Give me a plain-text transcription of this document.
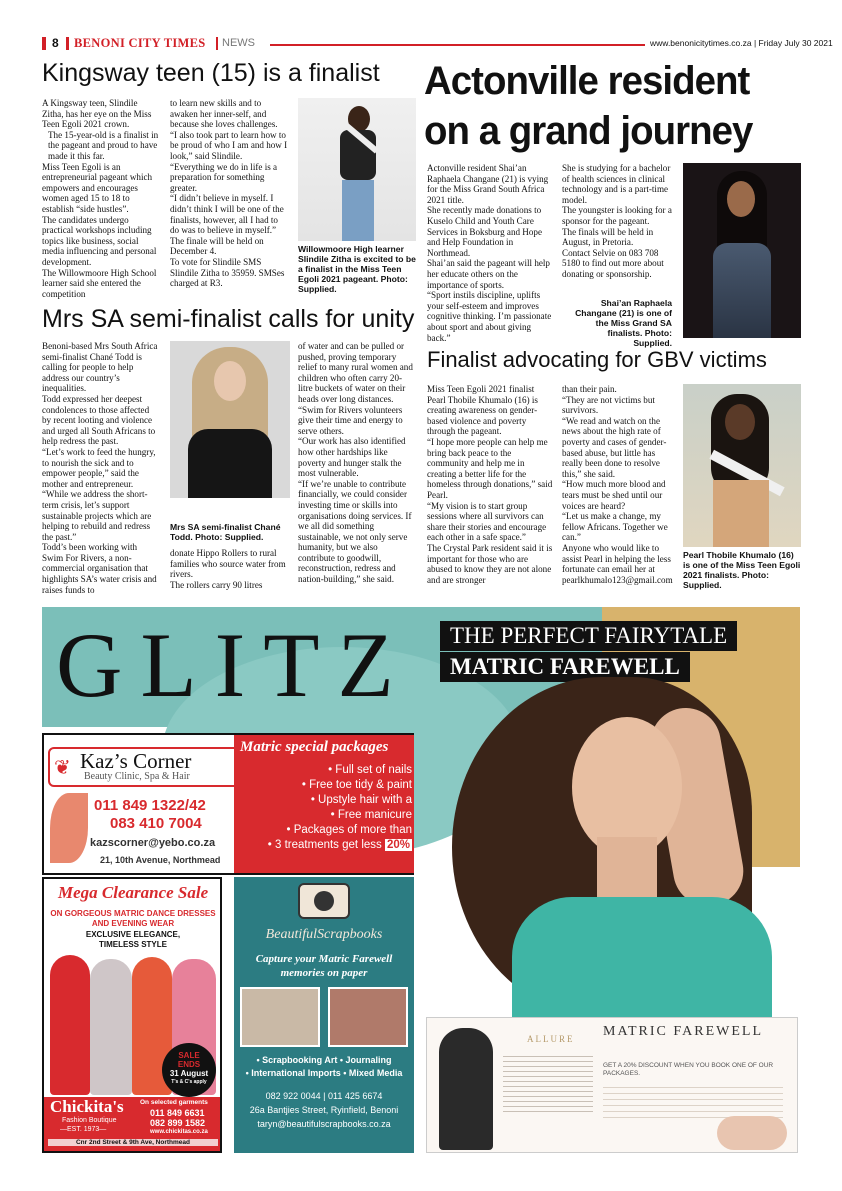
8 BENONI CITY TIMES NEWS	www.benonicitytimes.co.za | Friday July 30 2021
Kingsway teen (15) is a finalist

A Kingsway teen, Slindile Zitha, has her eye on the Miss Teen Egoli 2021 crown.

The 15-year-old is a finalist in the pageant and proud to have made it this far.

Miss Teen Egoli is an entrepreneurial pageant which empowers and encourages women aged 15 to 18 to establish “side hustles”.

The candidates undergo practical workshops including topics like business, social media influencing and personal development.

The Willowmoore High School learner said she entered the competition

to learn new skills and to awaken her inner-self, and because she loves challenges.

“I also took part to learn how to be proud of who I am and how I look,” said Slindile.

“Everything we do in life is a preparation for something greater.

“I didn’t believe in myself. I didn’t think I will be one of the finalists, however, all I had to do was to believe in myself.”

The finale will be held on December 4.

To vote for Slindile SMS Slindile Zitha to 35959. SMSes charged at R3.

Willowmoore High learner Slindile Zitha is excited to be a finalist in the Miss Teen Egoli 2021 pageant. Photo: Supplied.
Actonville resident
on a grand journey

Actonville resident Shai’an Raphaela Changane (21) is vying for the Miss Grand South Africa 2021 title.

She recently made donations to Kuselo Child and Youth Care Services in Boksburg and Hope and Help Foundation in Northmead.

Shai’an said the pageant will help her educate others on the importance of sports.

“Sport instils discipline, uplifts your self-esteem and improves cognitive thinking. I’m passionate about sport and about giving back.”

She is studying for a bachelor of health sciences in clinical technology and is a part-time model.

The youngster is looking for a sponsor for the pageant.

The finals will be held in August, in Pretoria.

Contact Selvie on 083 708 5180 to find out more about donating or sponsorship.

Shai’an Raphaela Changane (21) is one of the Miss Grand SA finalists. Photo: Supplied.
Mrs SA semi-finalist calls for unity

Benoni-based Mrs South Africa semi-finalist Chané Todd is calling for people to help address our country’s inequalities.

Todd expressed her deepest condolences to those affected by recent looting and violence and urged all South Africans to help redress the past.

“Let’s work to feed the hungry, to nourish the sick and to empower people,” said the mother and entrepreneur.

“While we address the short-term crisis, let’s support sustainable projects which are helping to rebuild and redress the past.”

Todd’s been working with Swim For Rivers, a non-commercial organisation that highlights SA’s water crisis and raises funds to

Mrs SA semi-finalist Chané Todd. Photo: Supplied.

donate Hippo Rollers to rural families who source water from rivers.

The rollers carry 90 litres

of water and can be pulled or pushed, proving temporary relief to many rural women and children who often carry 20-litre buckets of water on their heads over long distances.

“Swim for Rivers volunteers give their time and energy to serve others.

“Our work has also identified how other hardships like poverty and hunger stalk the most vulnerable.

“If we’re unable to contribute financially, we could consider investing time or skills into organisations doing services. If we all did something sustainable, we not only serve humanity, but we also contribute to goodwill, reconstruction, redress and nation-building,” she said.

Finalist advocating for GBV victims

Miss Teen Egoli 2021 finalist Pearl Thobile Khumalo (16) is creating awareness on gender-based violence and poverty through the pageant.

“I hope more people can help me bring back peace to the community and help me in creating a better life for the homeless through donations,” said Pearl.

“My vision is to start group sessions where all survivors can share their stories and encourage each other in a safe space.”

The Crystal Park resident said it is important for those who are abused to know they are not alone and are stronger

than their pain.

“They are not victims but survivors.

“We read and watch on the news about the high rate of poverty and cases of gender-based abuse, but little has really been done to resolve this,” she said.

“How much more blood and tears must be shed until our voices are heard?

“Let us make a change, my fellow Africans. Together we can.”

Anyone who would like to assist Pearl in helping the less fortunate can email her at pearlkhumalo123@gmail.com

Pearl Thobile Khumalo (16) is one of the Miss Teen Egoli 2021 finalists. Photo: Supplied.
GLITZ	THE PERFECT FAIRYTALE
MATRIC FAREWELL
❦ Kaz’s Corner
Beauty Clinic, Spa & Hair
011 849 1322/42
083 410 7004
kazscorner@yebo.co.za
21, 10th Avenue, Northmead
Matric special packages
• Full set of nails
• Free toe tidy & paint
• Upstyle hair with a
• Free manicure
• Packages of more than
• 3 treatments get less 20%
Mega Clearance Sale
ON GORGEOUS MATRIC DANCE DRESSES
AND EVENING WEAR
EXCLUSIVE ELEGANCE,
TIMELESS STYLE
SALE
ENDS
31 August
T's & C's apply
Chickita's
Fashion Boutique
—EST. 1973—
On selected garments
011 849 6631
082 899 1582
www.chickitas.co.za
Cnr 2nd Street & 9th Ave, Northmead
BeautifulScrapbooks
Capture your Matric Farewell
memories on paper
• Scrapbooking Art • Journaling
• International Imports • Mixed Media
082 922 0044 | 011 425 6674
26a Bantjies Street, Ryinfield, Benoni
taryn@beautifulscrapbooks.co.za
ALLURE MATRIC FAREWELL
GET A 20% DISCOUNT WHEN YOU BOOK ONE OF OUR PACKAGES.
